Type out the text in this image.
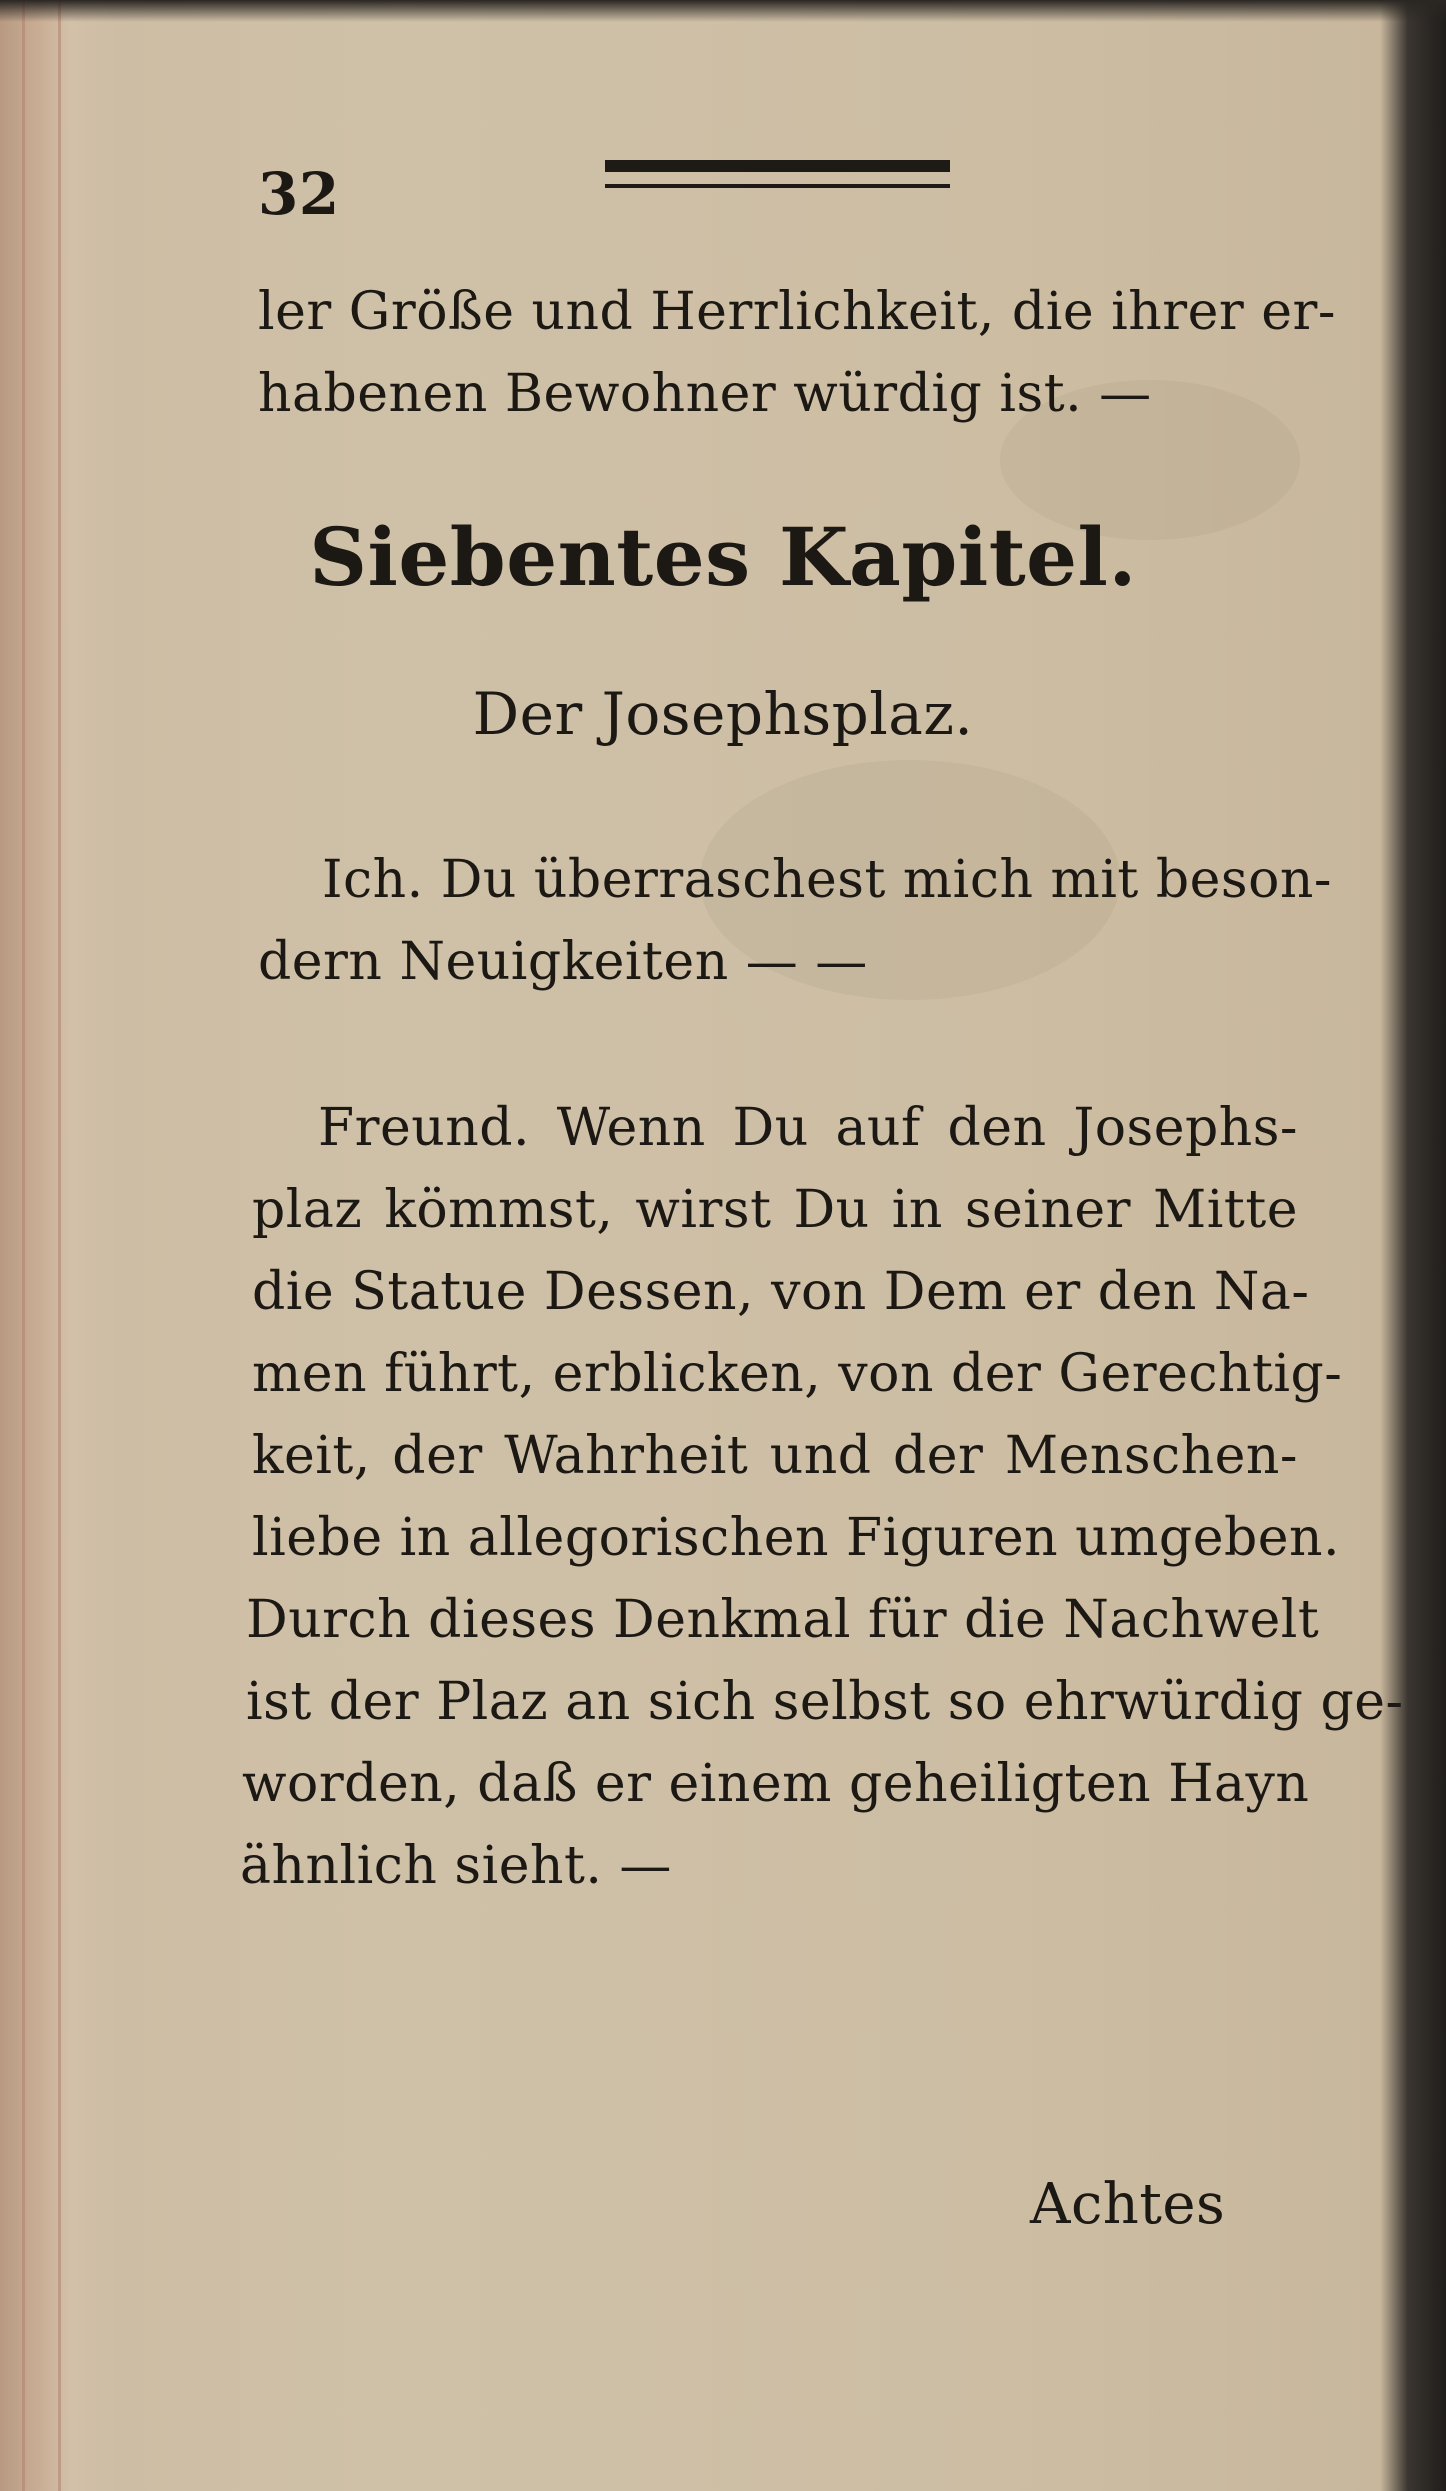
32
ler Größe und Herrlichkeit, die ihrer er-
habenen Bewohner würdig ist. —
Siebentes Kapitel.
Der Josephsplaz.
Ich. Du überraschest mich mit beson-
dern Neuigkeiten — —
Freund. Wenn Du auf den Josephs-
plaz kömmst, wirst Du in seiner Mitte
die Statue Dessen, von Dem er den Na-
men führt, erblicken, von der Gerechtig-
keit, der Wahrheit und der Menschen-
liebe in allegorischen Figuren umgeben.
Durch dieses Denkmal für die Nachwelt
ist der Plaz an sich selbst so ehrwürdig ge-
worden, daß er einem geheiligten Hayn
ähnlich sieht. —
Achtes
